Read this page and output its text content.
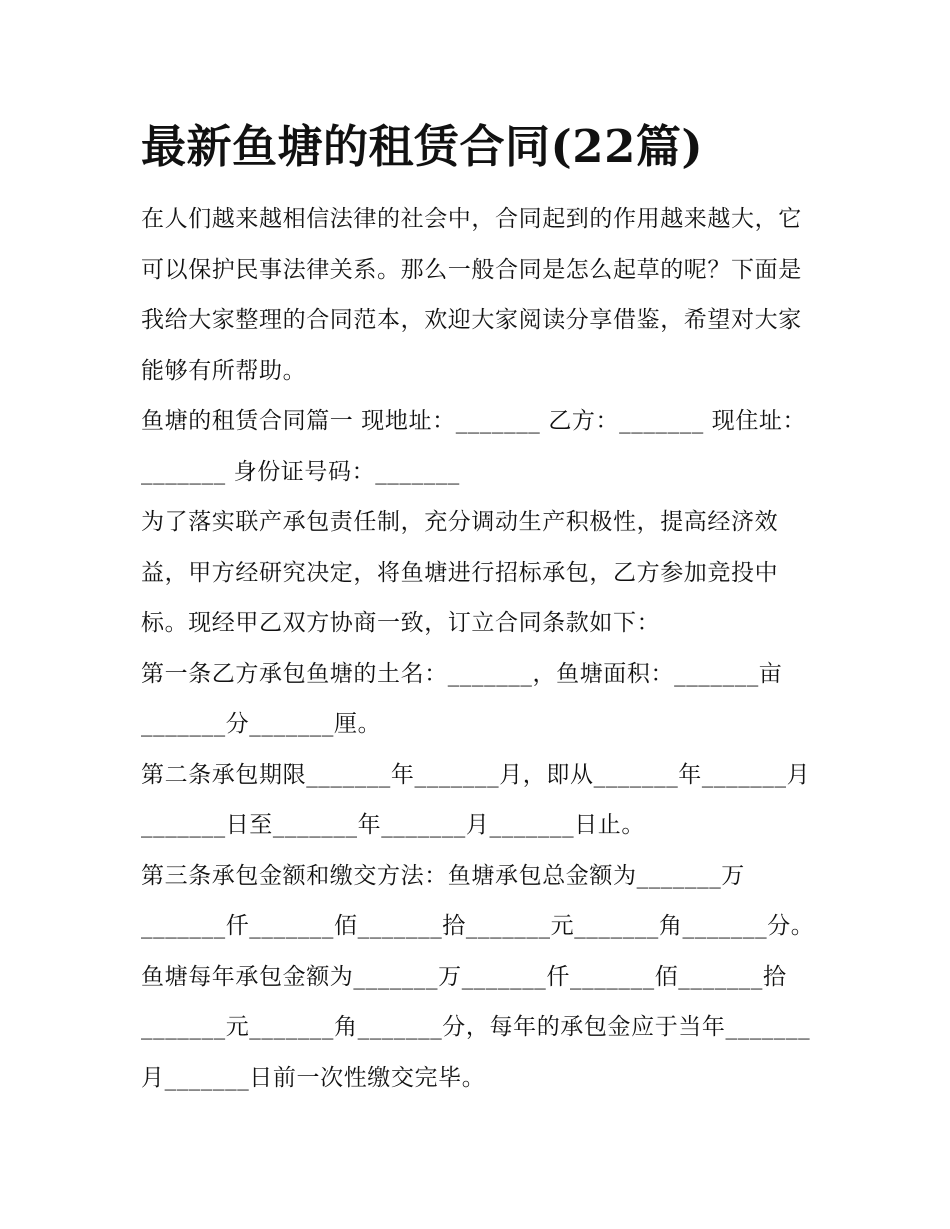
最新鱼塘的租赁合同(22篇)

在人们越来越相信法律的社会中，合同起到的作用越来越大，它可以保护民事法律关系。那么一般合同是怎么起草的呢？下面是我给大家整理的合同范本，欢迎大家阅读分享借鉴，希望对大家能够有所帮助。

鱼塘的租赁合同篇一 现地址：_______ 乙方：_______ 现住址：_______ 身份证号码：_______

为了落实联产承包责任制，充分调动生产积极性，提高经济效益，甲方经研究决定，将鱼塘进行招标承包，乙方参加竞投中标。现经甲乙双方协商一致，订立合同条款如下：

第一条乙方承包鱼塘的土名：_______，鱼塘面积：_______亩_______分_______厘。

第二条承包期限_______年_______月，即从_______年_______月_______日至_______年_______月_______日止。

第三条承包金额和缴交方法：鱼塘承包总金额为_______万_______仟_______佰_______拾_______元_______角_______分。鱼塘每年承包金额为_______万_______仟_______佰_______拾_______元_______角_______分，每年的承包金应于当年_______月_______日前一次性缴交完毕。
